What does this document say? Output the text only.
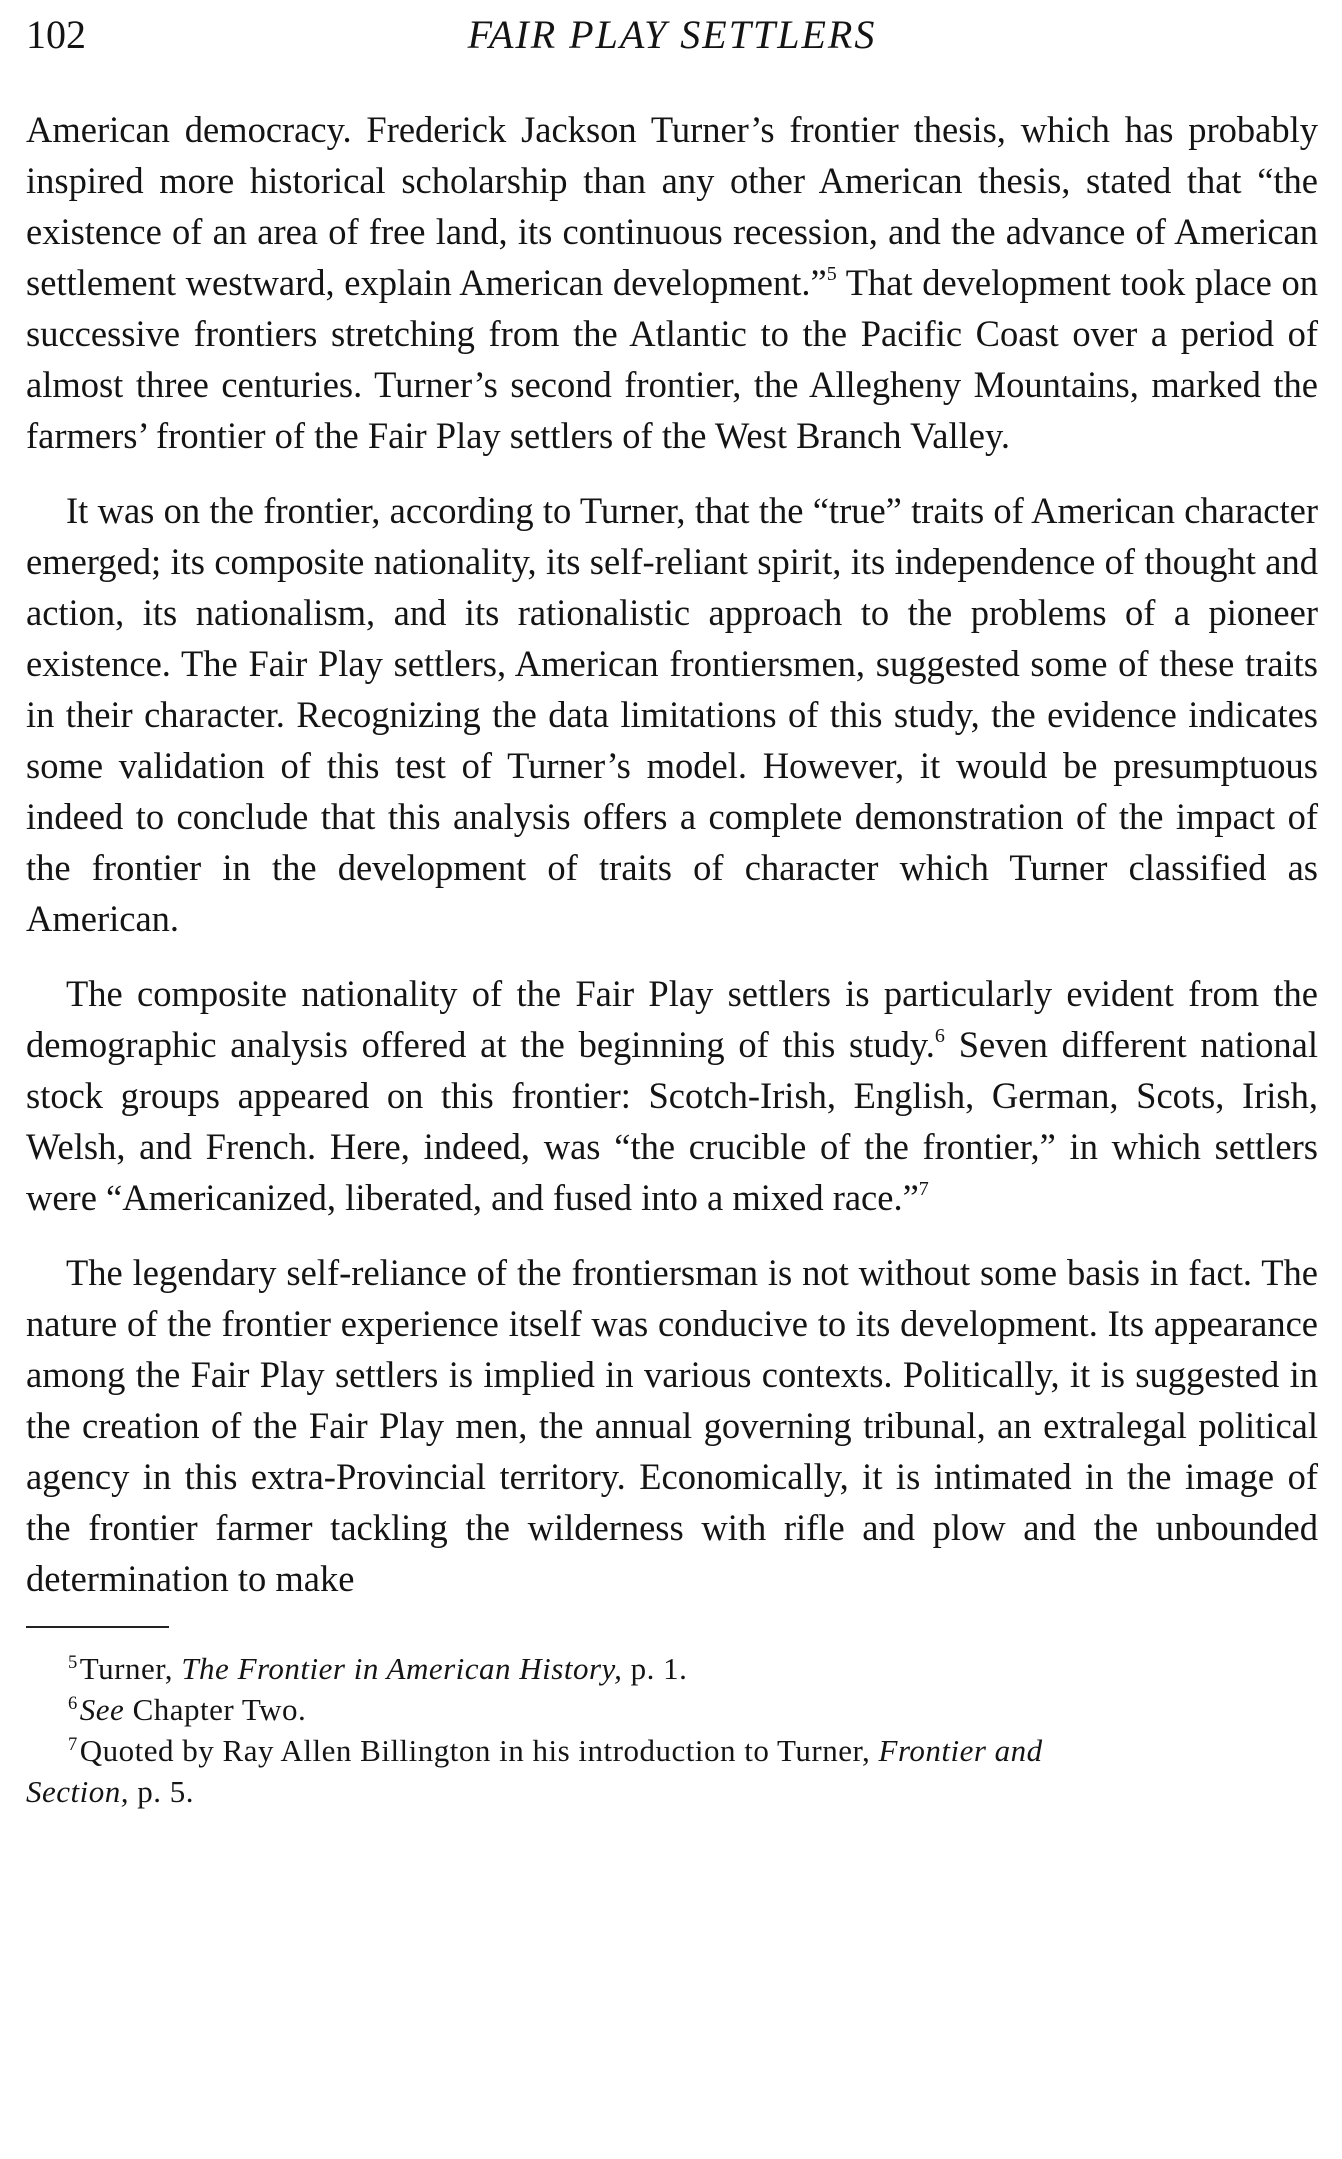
102	FAIR PLAY SETTLERS

American democracy. Frederick Jackson Turner’s frontier thesis, which has probably inspired more historical scholarship than any other American thesis, stated that “the existence of an area of free land, its continuous recession, and the advance of American settlement westward, explain American development.”$^5$ That development took place on successive frontiers stretching from the Atlantic to the Pacific Coast over a period of almost three centuries. Turner’s second frontier, the Allegheny Mountains, marked the farmers’ frontier of the Fair Play settlers of the West Branch Valley.

It was on the frontier, according to Turner, that the “true” traits of American character emerged; its composite nationality, its self-reliant spirit, its independence of thought and action, its nationalism, and its rationalistic approach to the problems of a pioneer existence. The Fair Play settlers, American frontiersmen, suggested some of these traits in their character. Recognizing the data limitations of this study, the evidence indicates some validation of this test of Turner’s model. However, it would be presumptuous indeed to conclude that this analysis offers a complete demonstration of the impact of the frontier in the development of traits of character which Turner classified as American.

The composite nationality of the Fair Play settlers is particularly evident from the demographic analysis offered at the beginning of this study.$^6$ Seven different national stock groups appeared on this frontier: Scotch-Irish, English, German, Scots, Irish, Welsh, and French. Here, indeed, was “the crucible of the frontier,” in which settlers were “Americanized, liberated, and fused into a mixed race.”$^7$

The legendary self-reliance of the frontiersman is not without some basis in fact. The nature of the frontier experience itself was conducive to its development. Its appearance among the Fair Play settlers is implied in various contexts. Politically, it is suggested in the creation of the Fair Play men, the annual governing tribunal, an extralegal political agency in this extra-Provincial territory. Economically, it is intimated in the image of the frontier farmer tackling the wilderness with rifle and plow and the unbounded determination to make

$^5$Turner, The Frontier in American History, p. 1.

$^6$See Chapter Two.

$^7$Quoted by Ray Allen Billington in his introduction to Turner, Frontier and

Section, p. 5.
